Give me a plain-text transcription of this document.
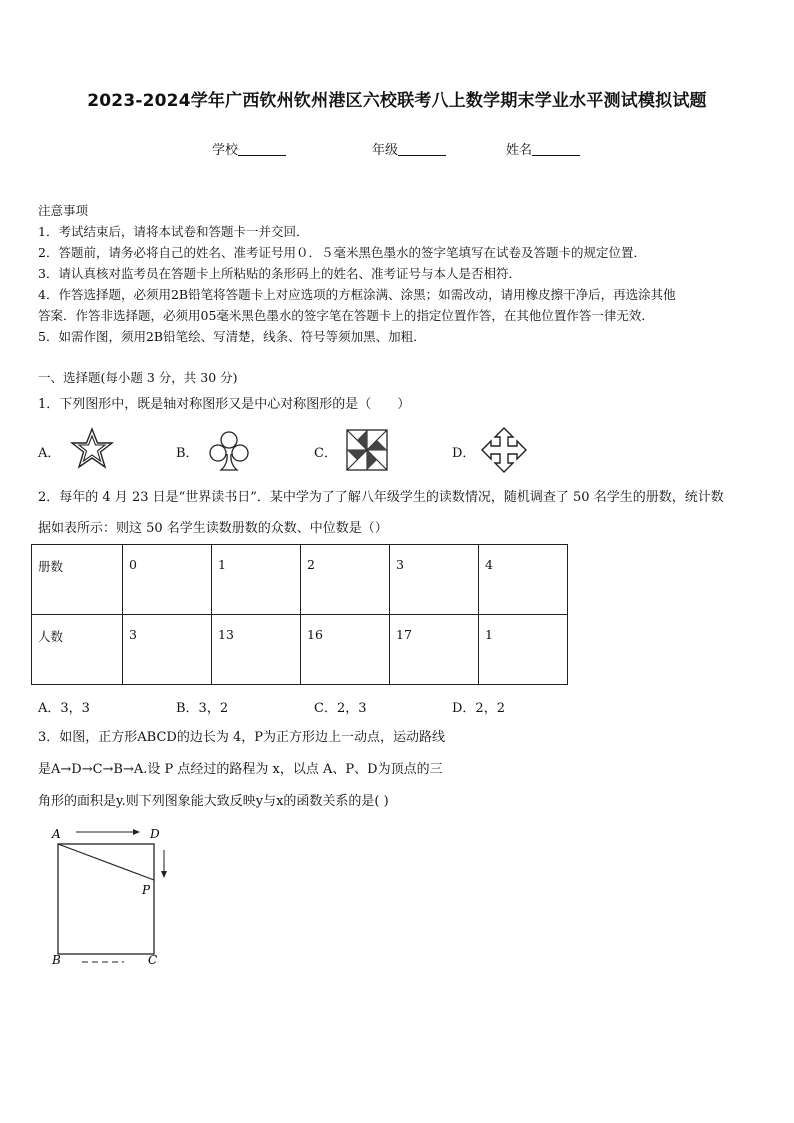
2023-2024学年广西钦州钦州港区六校联考八上数学期末学业水平测试模拟试题
学校	年级	姓名
注意事项
1．考试结束后，请将本试卷和答题卡一并交回．
2．答题前，请务必将自己的姓名、准考证号用０．５毫米黑色墨水的签字笔填写在试卷及答题卡的规定位置．
3．请认真核对监考员在答题卡上所粘贴的条形码上的姓名、准考证号与本人是否相符．
4．作答选择题，必须用2B铅笔将答题卡上对应选项的方框涂满、涂黑；如需改动，请用橡皮擦干净后，再选涂其他
答案．作答非选择题，必须用05毫米黑色墨水的签字笔在答题卡上的指定位置作答，在其他位置作答一律无效．
5．如需作图，须用2B铅笔绘、写清楚，线条、符号等须加黑、加粗．
一、选择题(每小题 3 分，共 30 分)
1．下列图形中，既是轴对称图形又是中心对称图形的是（　　）
A．	B．	C．	D．
2．每年的 4 月 23 日是“世界读书日”．某中学为了了解八年级学生的读数情况，随机调查了 50 名学生的册数，统计数
据如表所示：则这 50 名学生读数册数的众数、中位数是（）
册数	0	1	2	3	4
人数	3	13	16	17	1
A．3，3	B．3，2	C．2，3	D．2，2
3．如图，正方形ABCD的边长为 4，P为正方形边上一动点，运动路线
是A→D→C→B→A.设 P 点经过的路程为 x，以点 A、P、D为顶点的三
角形的面积是y.则下列图象能大致反映y与x的函数关系的是( )
A	D
P
B	C
